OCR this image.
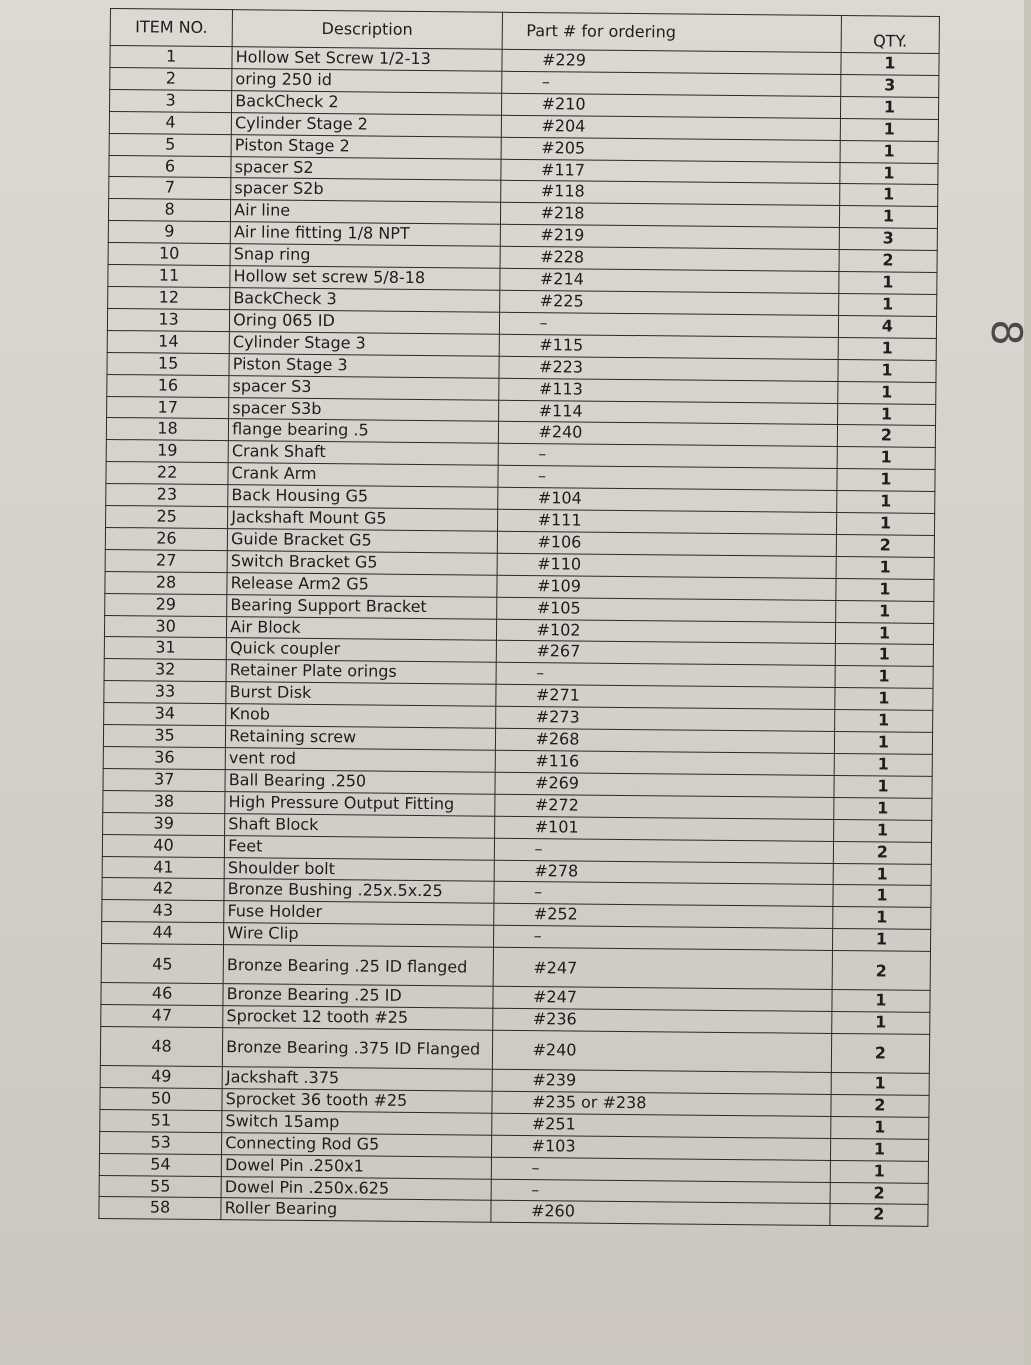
8
ITEM NO.	Description	Part # for ordering	QTY.
1	Hollow Set Screw 1/2-13	#229	1
2	oring 250 id	–	3
3	BackCheck 2	#210	1
4	Cylinder Stage 2	#204	1
5	Piston Stage 2	#205	1
6	spacer S2	#117	1
7	spacer S2b	#118	1
8	Air line	#218	1
9	Air line fitting 1/8 NPT	#219	3
10	Snap ring	#228	2
11	Hollow set screw 5/8-18	#214	1
12	BackCheck 3	#225	1
13	Oring 065 ID	–	4
14	Cylinder Stage 3	#115	1
15	Piston Stage 3	#223	1
16	spacer S3	#113	1
17	spacer S3b	#114	1
18	flange bearing .5	#240	2
19	Crank Shaft	–	1
22	Crank Arm	–	1
23	Back Housing G5	#104	1
25	Jackshaft Mount G5	#111	1
26	Guide Bracket G5	#106	2
27	Switch Bracket G5	#110	1
28	Release Arm2 G5	#109	1
29	Bearing Support Bracket	#105	1
30	Air Block	#102	1
31	Quick coupler	#267	1
32	Retainer Plate orings	–	1
33	Burst Disk	#271	1
34	Knob	#273	1
35	Retaining screw	#268	1
36	vent rod	#116	1
37	Ball Bearing .250	#269	1
38	High Pressure Output Fitting	#272	1
39	Shaft Block	#101	1
40	Feet	–	2
41	Shoulder bolt	#278	1
42	Bronze Bushing .25x.5x.25	–	1
43	Fuse Holder	#252	1
44	Wire Clip	–	1
45	Bronze Bearing .25 ID flanged	#247	2
46	Bronze Bearing .25 ID	#247	1
47	Sprocket 12 tooth #25	#236	1
48	Bronze Bearing .375 ID Flanged	#240	2
49	Jackshaft .375	#239	1
50	Sprocket 36 tooth #25	#235 or #238	2
51	Switch 15amp	#251	1
53	Connecting Rod G5	#103	1
54	Dowel Pin .250x1	–	1
55	Dowel Pin .250x.625	–	2
58	Roller Bearing	#260	2
